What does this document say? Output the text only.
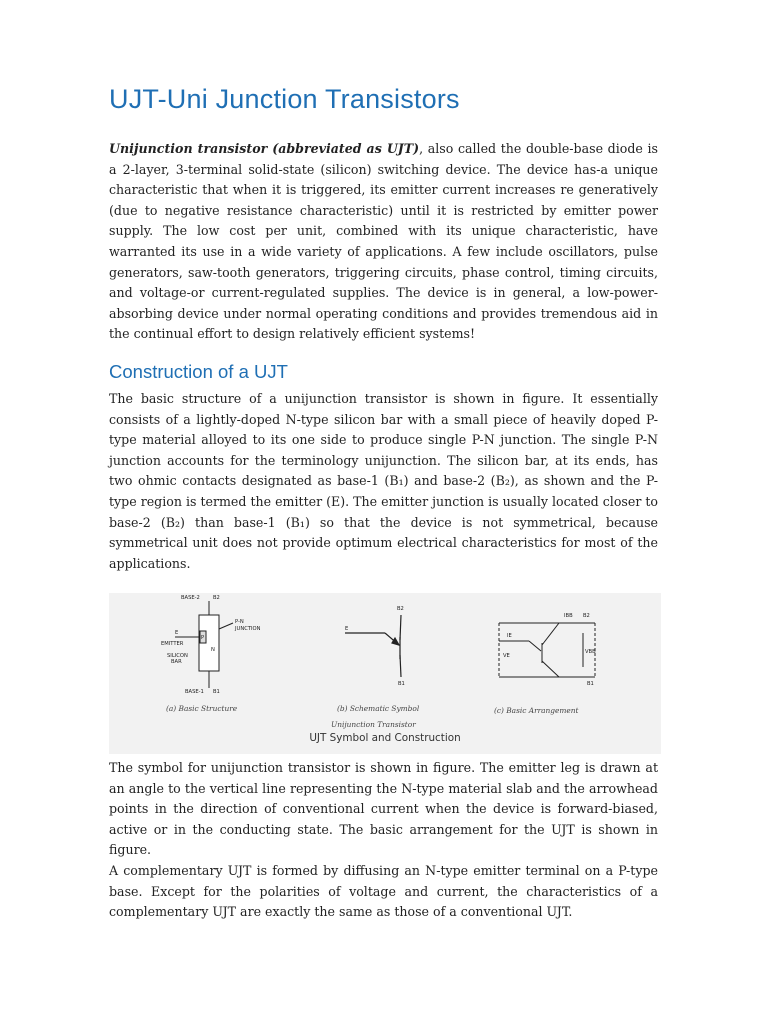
UJT-Uni Junction Transistors

Unijunction transistor (abbreviated as UJT), also called the double-base diode is a 2-layer, 3-terminal solid-state (silicon) switching device. The device has-a unique characteristic that when it is triggered, its emitter current increases re generatively (due to negative resistance characteristic) until it is restricted by emitter power supply. The low cost per unit, combined with its unique characteristic, have warranted its use in a wide variety of applications. A few include oscillators, pulse generators, saw-tooth generators, triggering circuits, phase control, timing circuits, and voltage-or current-regulated supplies. The device is in general, a low-power-absorbing device under normal operating conditions and provides tremendous aid in the continual effort to design relatively efficient systems!

Construction of a UJT

The basic structure of a unijunction transistor is shown in figure. It essentially consists of a lightly-doped N-type silicon bar with a small piece of heavily doped P-type material alloyed to its one side to produce single P-N junction. The single P-N junction accounts for the terminology unijunction. The silicon bar, at its ends, has two ohmic contacts designated as base-1 (B₁) and base-2 (B₂), as shown and the P-type region is termed the emitter (E). The emitter junction is usually located closer to base-2 (B₂) than base-1 (B₁) so that the device is not symmetrical, because symmetrical unit does not provide optimum electrical characteristics for most of the applications.

BASE-2	B2
E
EMITTER
P-N
JUNCTION
P
N
SILICON
BAR
BASE-1 B1
E
B2
B1
IE
IBB B2
VE
VBB
B1
(a) Basic Structure	(b) Schematic Symbol	(c) Basic Arrangement
Unijunction Transistor
UJT Symbol and Construction

The symbol for unijunction transistor is shown in figure. The emitter leg is drawn at an angle to the vertical line representing the N-type material slab and the arrowhead points in the direction of conventional current when the device is forward-biased, active or in the conducting state. The basic arrangement for the UJT is shown in figure.

A complementary UJT is formed by diffusing an N-type emitter terminal on a P-type base. Except for the polarities of voltage and current, the characteristics of a complementary UJT are exactly the same as those of a conventional UJT.
